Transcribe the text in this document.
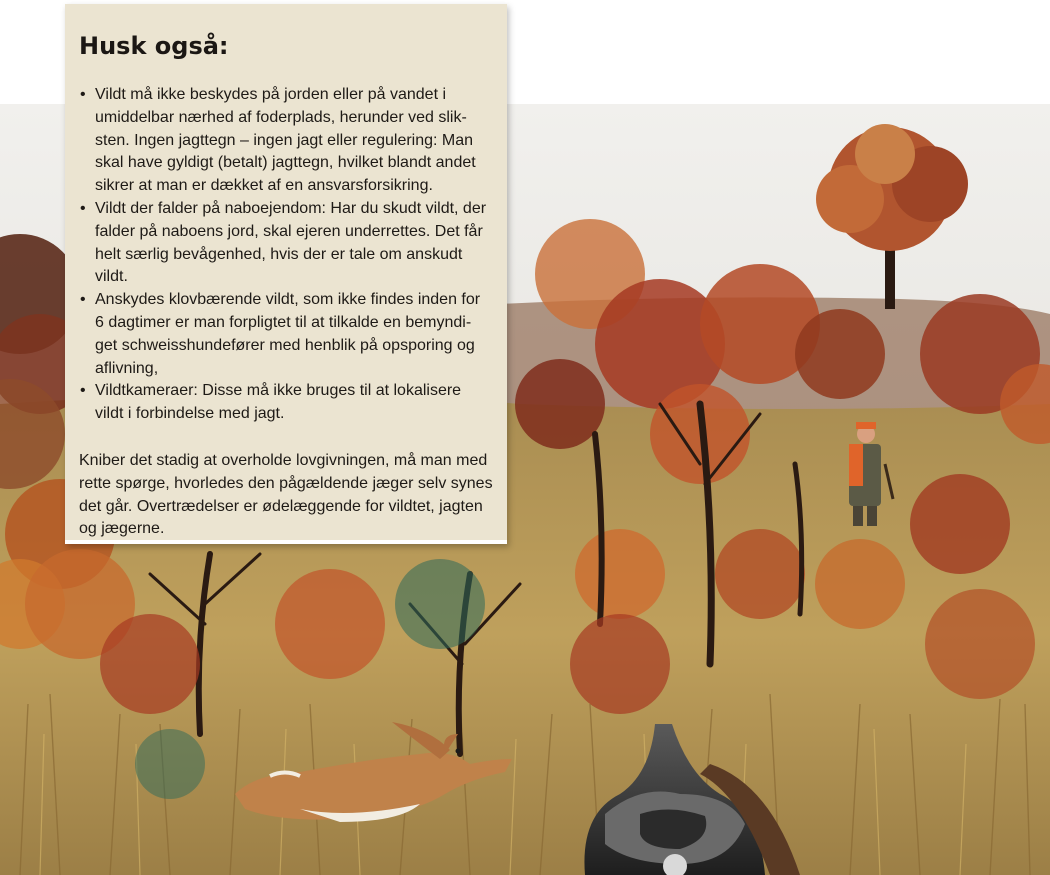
Husk også:
• Vildt må ikke beskydes på jorden eller på vandet i umiddelbar nærhed af foderplads, herunder ved slik-sten. Ingen jagttegn – ingen jagt eller regulering: Man skal have gyldigt (betalt) jagttegn, hvilket blandt andet sikrer at man er dækket af en ansvarsforsikring.
• Vildt der falder på naboejendom: Har du skudt vildt, der falder på naboens jord, skal ejeren underrettes. Det får helt særlig bevågenhed, hvis der er tale om anskudt vildt.
• Anskydes klovbærende vildt, som ikke findes inden for 6 dagtimer er man forpligtet til at tilkalde en bemyndi-get schweisshundefører med henblik på opsporing og aflivning,
• Vildtkameraer: Disse må ikke bruges til at lokalisere vildt i forbindelse med jagt.

Kniber det stadig at overholde lovgivningen, må man med rette spørge, hvorledes den pågældende jæger selv synes det går. Overtrædelser er ødelæggende for vildtet, jagten og jægerne.
